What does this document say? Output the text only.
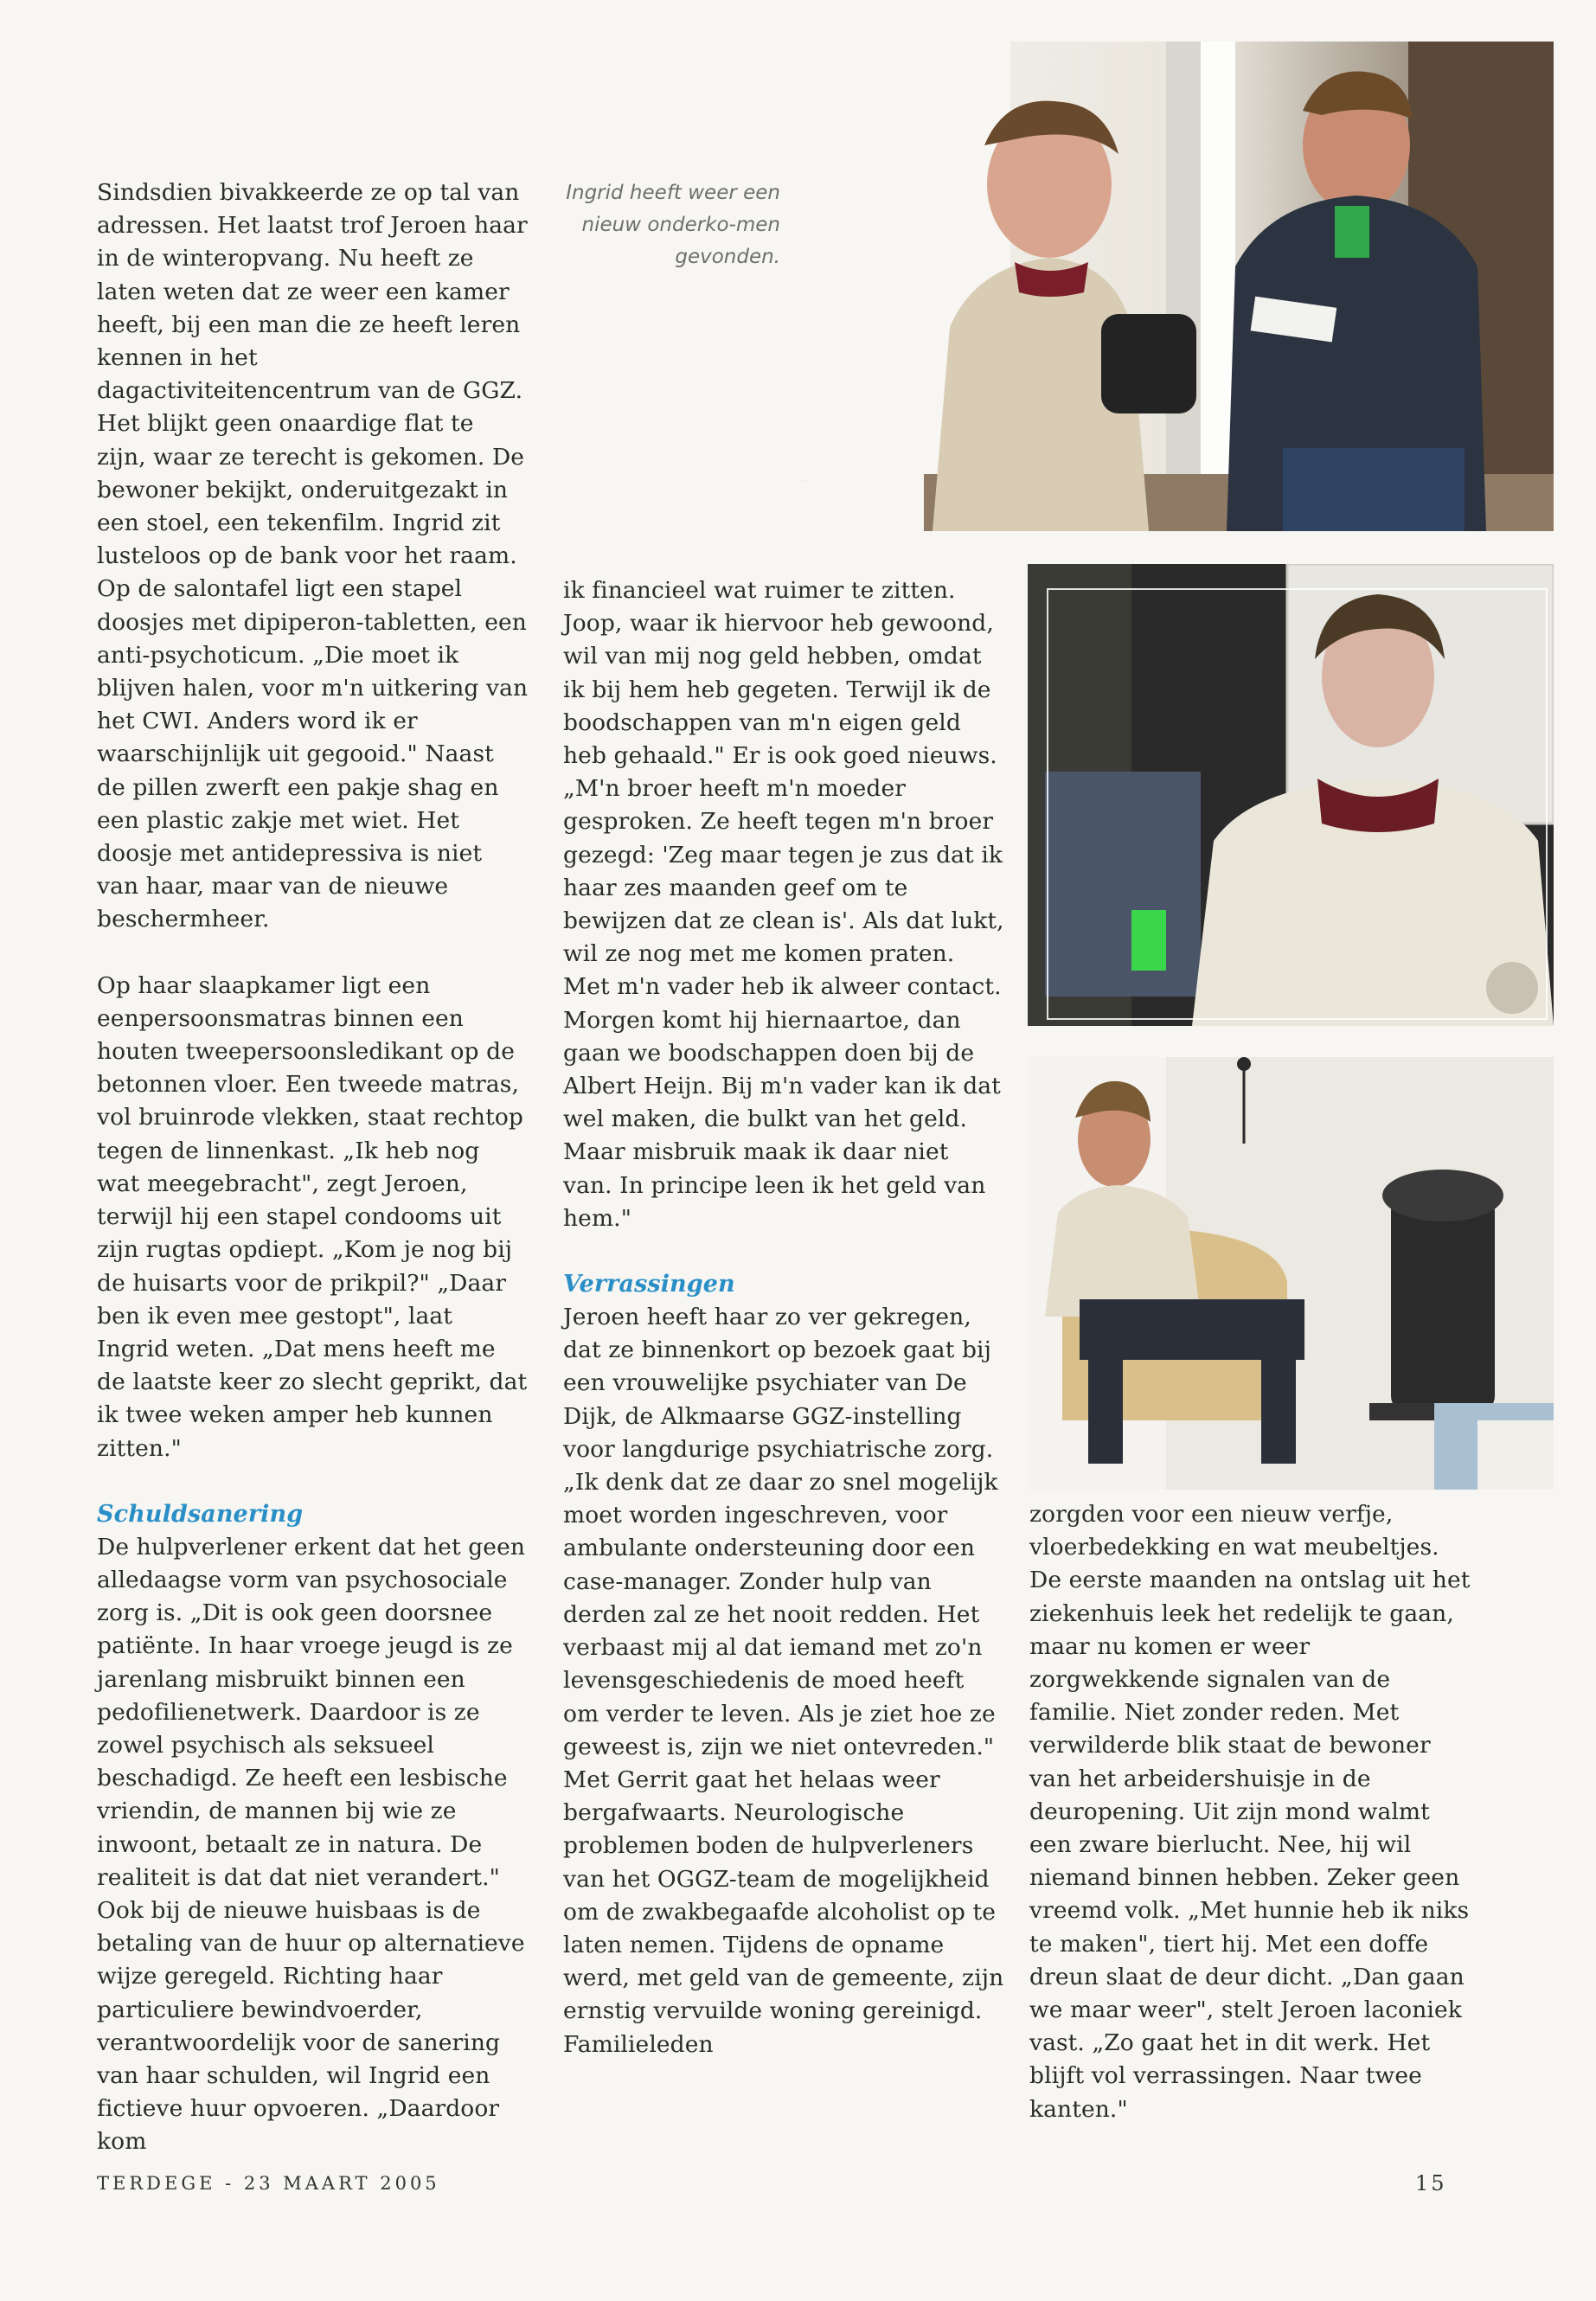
Sindsdien bivakkeerde ze op tal van adressen. Het laatst trof Jeroen haar in de winteropvang. Nu heeft ze laten weten dat ze weer een kamer heeft, bij een man die ze heeft leren kennen in het dagactiviteitencentrum van de GGZ. Het blijkt geen onaardige flat te zijn, waar ze terecht is gekomen. De bewoner bekijkt, onderuitgezakt in een stoel, een tekenfilm. Ingrid zit lusteloos op de bank voor het raam. Op de salontafel ligt een stapel doosjes met dipiperon-tabletten, een anti-psychoticum. „Die moet ik blijven halen, voor m'n uitkering van het CWI. Anders word ik er waarschijnlijk uit gegooid." Naast de pillen zwerft een pakje shag en een plastic zakje met wiet. Het doosje met antidepressiva is niet van haar, maar van de nieuwe beschermheer.

Op haar slaapkamer ligt een eenpersoonsmatras binnen een houten tweepersoonsledikant op de betonnen vloer. Een tweede matras, vol bruinrode vlekken, staat rechtop tegen de linnenkast. „Ik heb nog wat meegebracht", zegt Jeroen, terwijl hij een stapel condooms uit zijn rugtas opdiept. „Kom je nog bij de huisarts voor de prikpil?" „Daar ben ik even mee gestopt", laat Ingrid weten. „Dat mens heeft me de laatste keer zo slecht geprikt, dat ik twee weken amper heb kunnen zitten."

Schuldsanering

De hulpverlener erkent dat het geen alledaagse vorm van psychosociale zorg is. „Dit is ook geen doorsnee patiënte. In haar vroege jeugd is ze jarenlang misbruikt binnen een pedofilienetwerk. Daardoor is ze zowel psychisch als seksueel beschadigd. Ze heeft een lesbische vriendin, de mannen bij wie ze inwoont, betaalt ze in natura. De realiteit is dat dat niet verandert." Ook bij de nieuwe huisbaas is de betaling van de huur op alternatieve wijze geregeld. Richting haar particuliere bewindvoerder, verantwoordelijk voor de sanering van haar schulden, wil Ingrid een fictieve huur opvoeren. „Daardoor kom

Ingrid heeft weer een nieuw onderko-men gevonden.

ik financieel wat ruimer te zitten. Joop, waar ik hiervoor heb gewoond, wil van mij nog geld hebben, omdat ik bij hem heb gegeten. Terwijl ik de boodschappen van m'n eigen geld heb gehaald." Er is ook goed nieuws. „M'n broer heeft m'n moeder gesproken. Ze heeft tegen m'n broer gezegd: 'Zeg maar tegen je zus dat ik haar zes maanden geef om te bewijzen dat ze clean is'. Als dat lukt, wil ze nog met me komen praten. Met m'n vader heb ik alweer contact. Morgen komt hij hiernaartoe, dan gaan we boodschappen doen bij de Albert Heijn. Bij m'n vader kan ik dat wel maken, die bulkt van het geld. Maar misbruik maak ik daar niet van. In principe leen ik het geld van hem."

Verrassingen

Jeroen heeft haar zo ver gekregen, dat ze binnenkort op bezoek gaat bij een vrouwelijke psychiater van De Dijk, de Alkmaarse GGZ-instelling voor langdurige psychiatrische zorg. „Ik denk dat ze daar zo snel mogelijk moet worden ingeschreven, voor ambulante ondersteuning door een case-manager. Zonder hulp van derden zal ze het nooit redden. Het verbaast mij al dat iemand met zo'n levensgeschiedenis de moed heeft om verder te leven. Als je ziet hoe ze geweest is, zijn we niet ontevreden." Met Gerrit gaat het helaas weer bergafwaarts. Neurologische problemen boden de hulpverleners van het OGGZ-team de mogelijkheid om de zwakbegaafde alcoholist op te laten nemen. Tijdens de opname werd, met geld van de gemeente, zijn ernstig vervuilde woning gereinigd. Familieleden

zorgden voor een nieuw verfje, vloerbedekking en wat meubeltjes. De eerste maanden na ontslag uit het ziekenhuis leek het redelijk te gaan, maar nu komen er weer zorgwekkende signalen van de familie. Niet zonder reden. Met verwilderde blik staat de bewoner van het arbeidershuisje in de deuropening. Uit zijn mond walmt een zware bierlucht. Nee, hij wil niemand binnen hebben. Zeker geen vreemd volk. „Met hunnie heb ik niks te maken", tiert hij. Met een doffe dreun slaat de deur dicht. „Dan gaan we maar weer", stelt Jeroen laconiek vast. „Zo gaat het in dit werk. Het blijft vol verrassingen. Naar twee kanten."

TERDEGE - 23 MAART 2005	15
